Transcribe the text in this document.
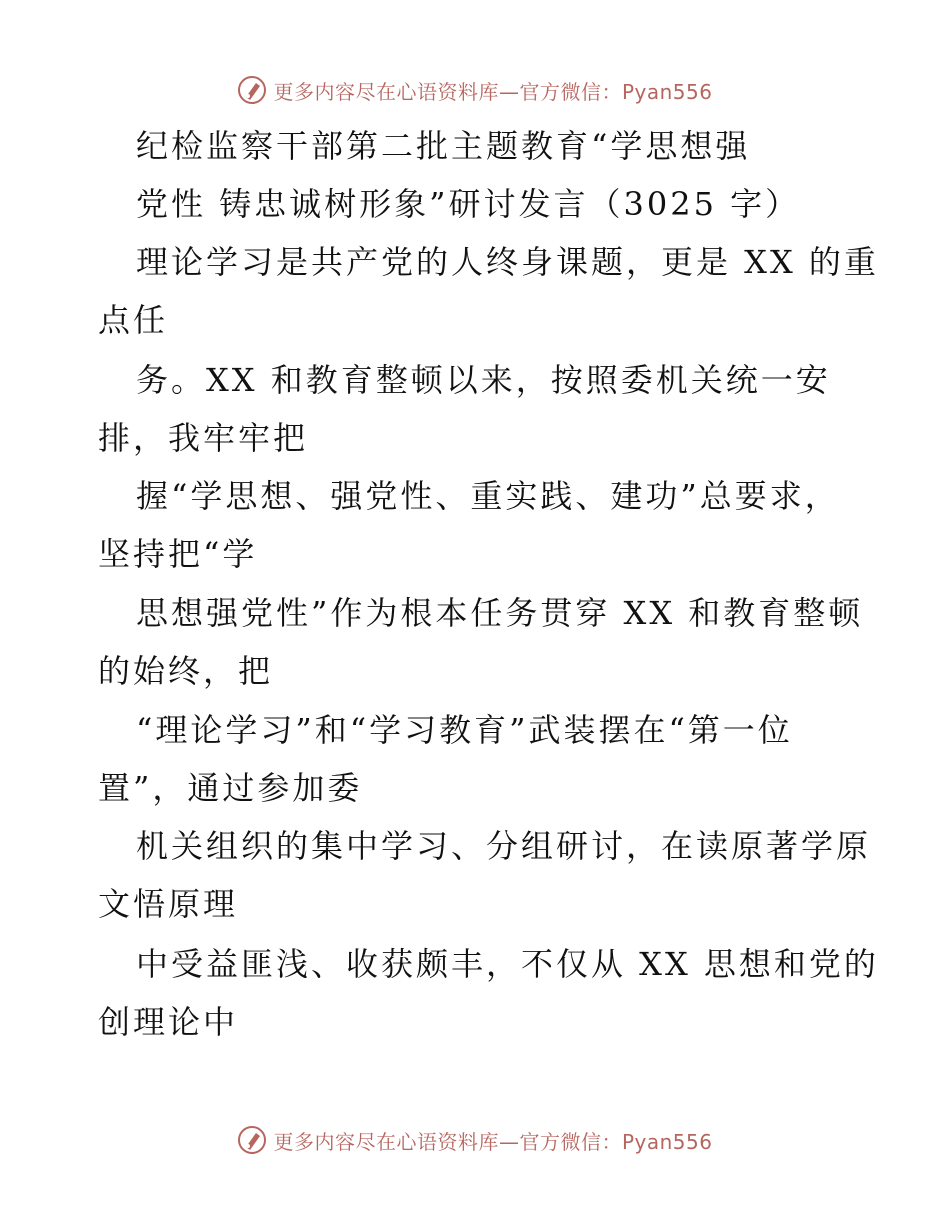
更多内容尽在心语资料库—官方微信：Pyan556
纪检监察干部第二批主题教育“学思想强
党性 铸忠诚树形象”研讨发言（3025 字）
理论学习是共产党的人终身课题，更是 XX 的重
点任
务。XX 和教育整顿以来，按照委机关统一安
排，我牢牢把
握“学思想、强党性、重实践、建功”总要求，
坚持把“学
思想强党性”作为根本任务贯穿 XX 和教育整顿
的始终，把
“理论学习”和“学习教育”武装摆在“第一位
置”，通过参加委
机关组织的集中学习、分组研讨，在读原著学原
文悟原理
中受益匪浅、收获颇丰，不仅从 XX 思想和党的
创理论中
更多内容尽在心语资料库—官方微信：Pyan556
